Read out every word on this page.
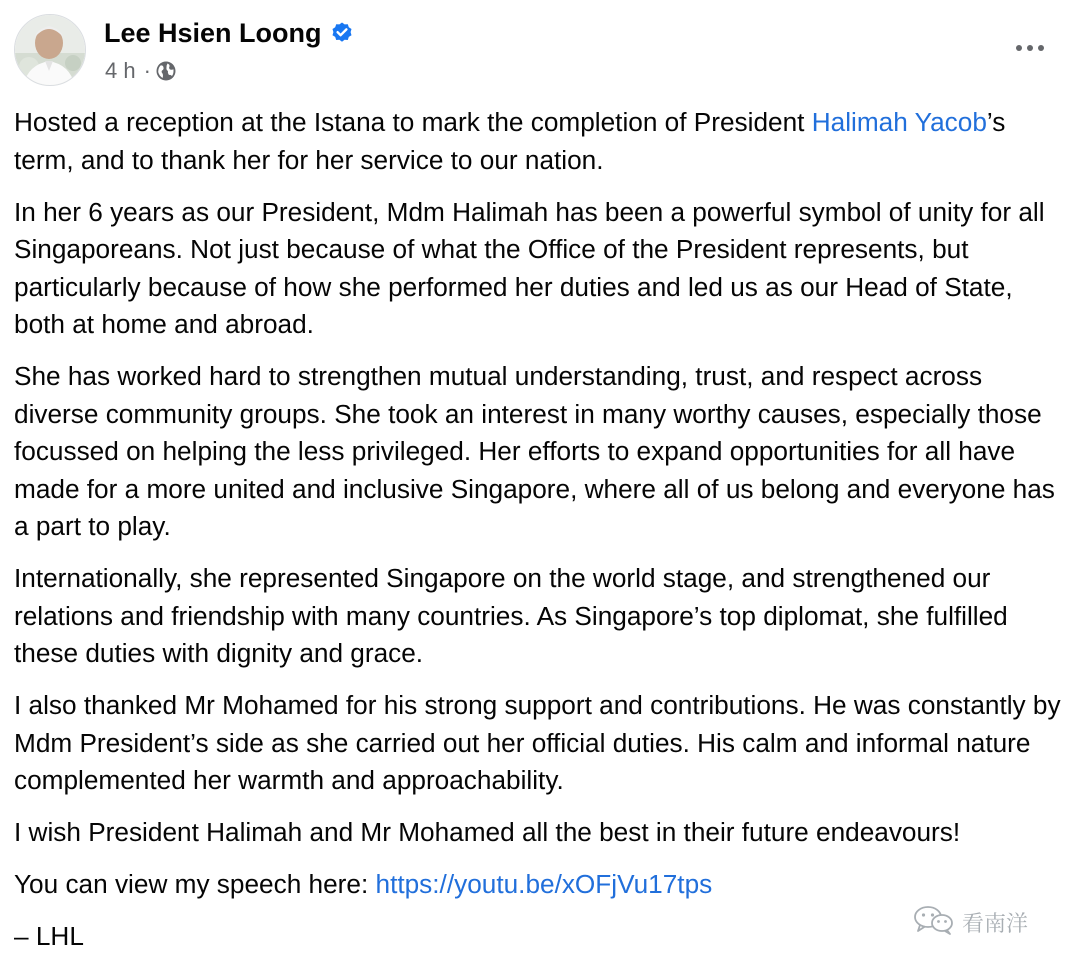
Lee Hsien Loong
4 h ·

Hosted a reception at the Istana to mark the completion of President Halimah Yacob’s term, and to thank her for her service to our nation.

In her 6 years as our President, Mdm Halimah has been a powerful symbol of unity for all Singaporeans. Not just because of what the Office of the President represents, but particularly because of how she performed her duties and led us as our Head of State, both at home and abroad.

She has worked hard to strengthen mutual understanding, trust, and respect across diverse community groups. She took an interest in many worthy causes, especially those focussed on helping the less privileged. Her efforts to expand opportunities for all have made for a more united and inclusive Singapore, where all of us belong and everyone has a part to play.

Internationally, she represented Singapore on the world stage, and strengthened our relations and friendship with many countries. As Singapore’s top diplomat, she fulfilled these duties with dignity and grace.

I also thanked Mr Mohamed for his strong support and contributions. He was constantly by Mdm President’s side as she carried out her official duties. His calm and informal nature complemented her warmth and approachability.

I wish President Halimah and Mr Mohamed all the best in their future endeavours!

You can view my speech here: https://youtu.be/xOFjVu17tps

– LHL	看南洋
